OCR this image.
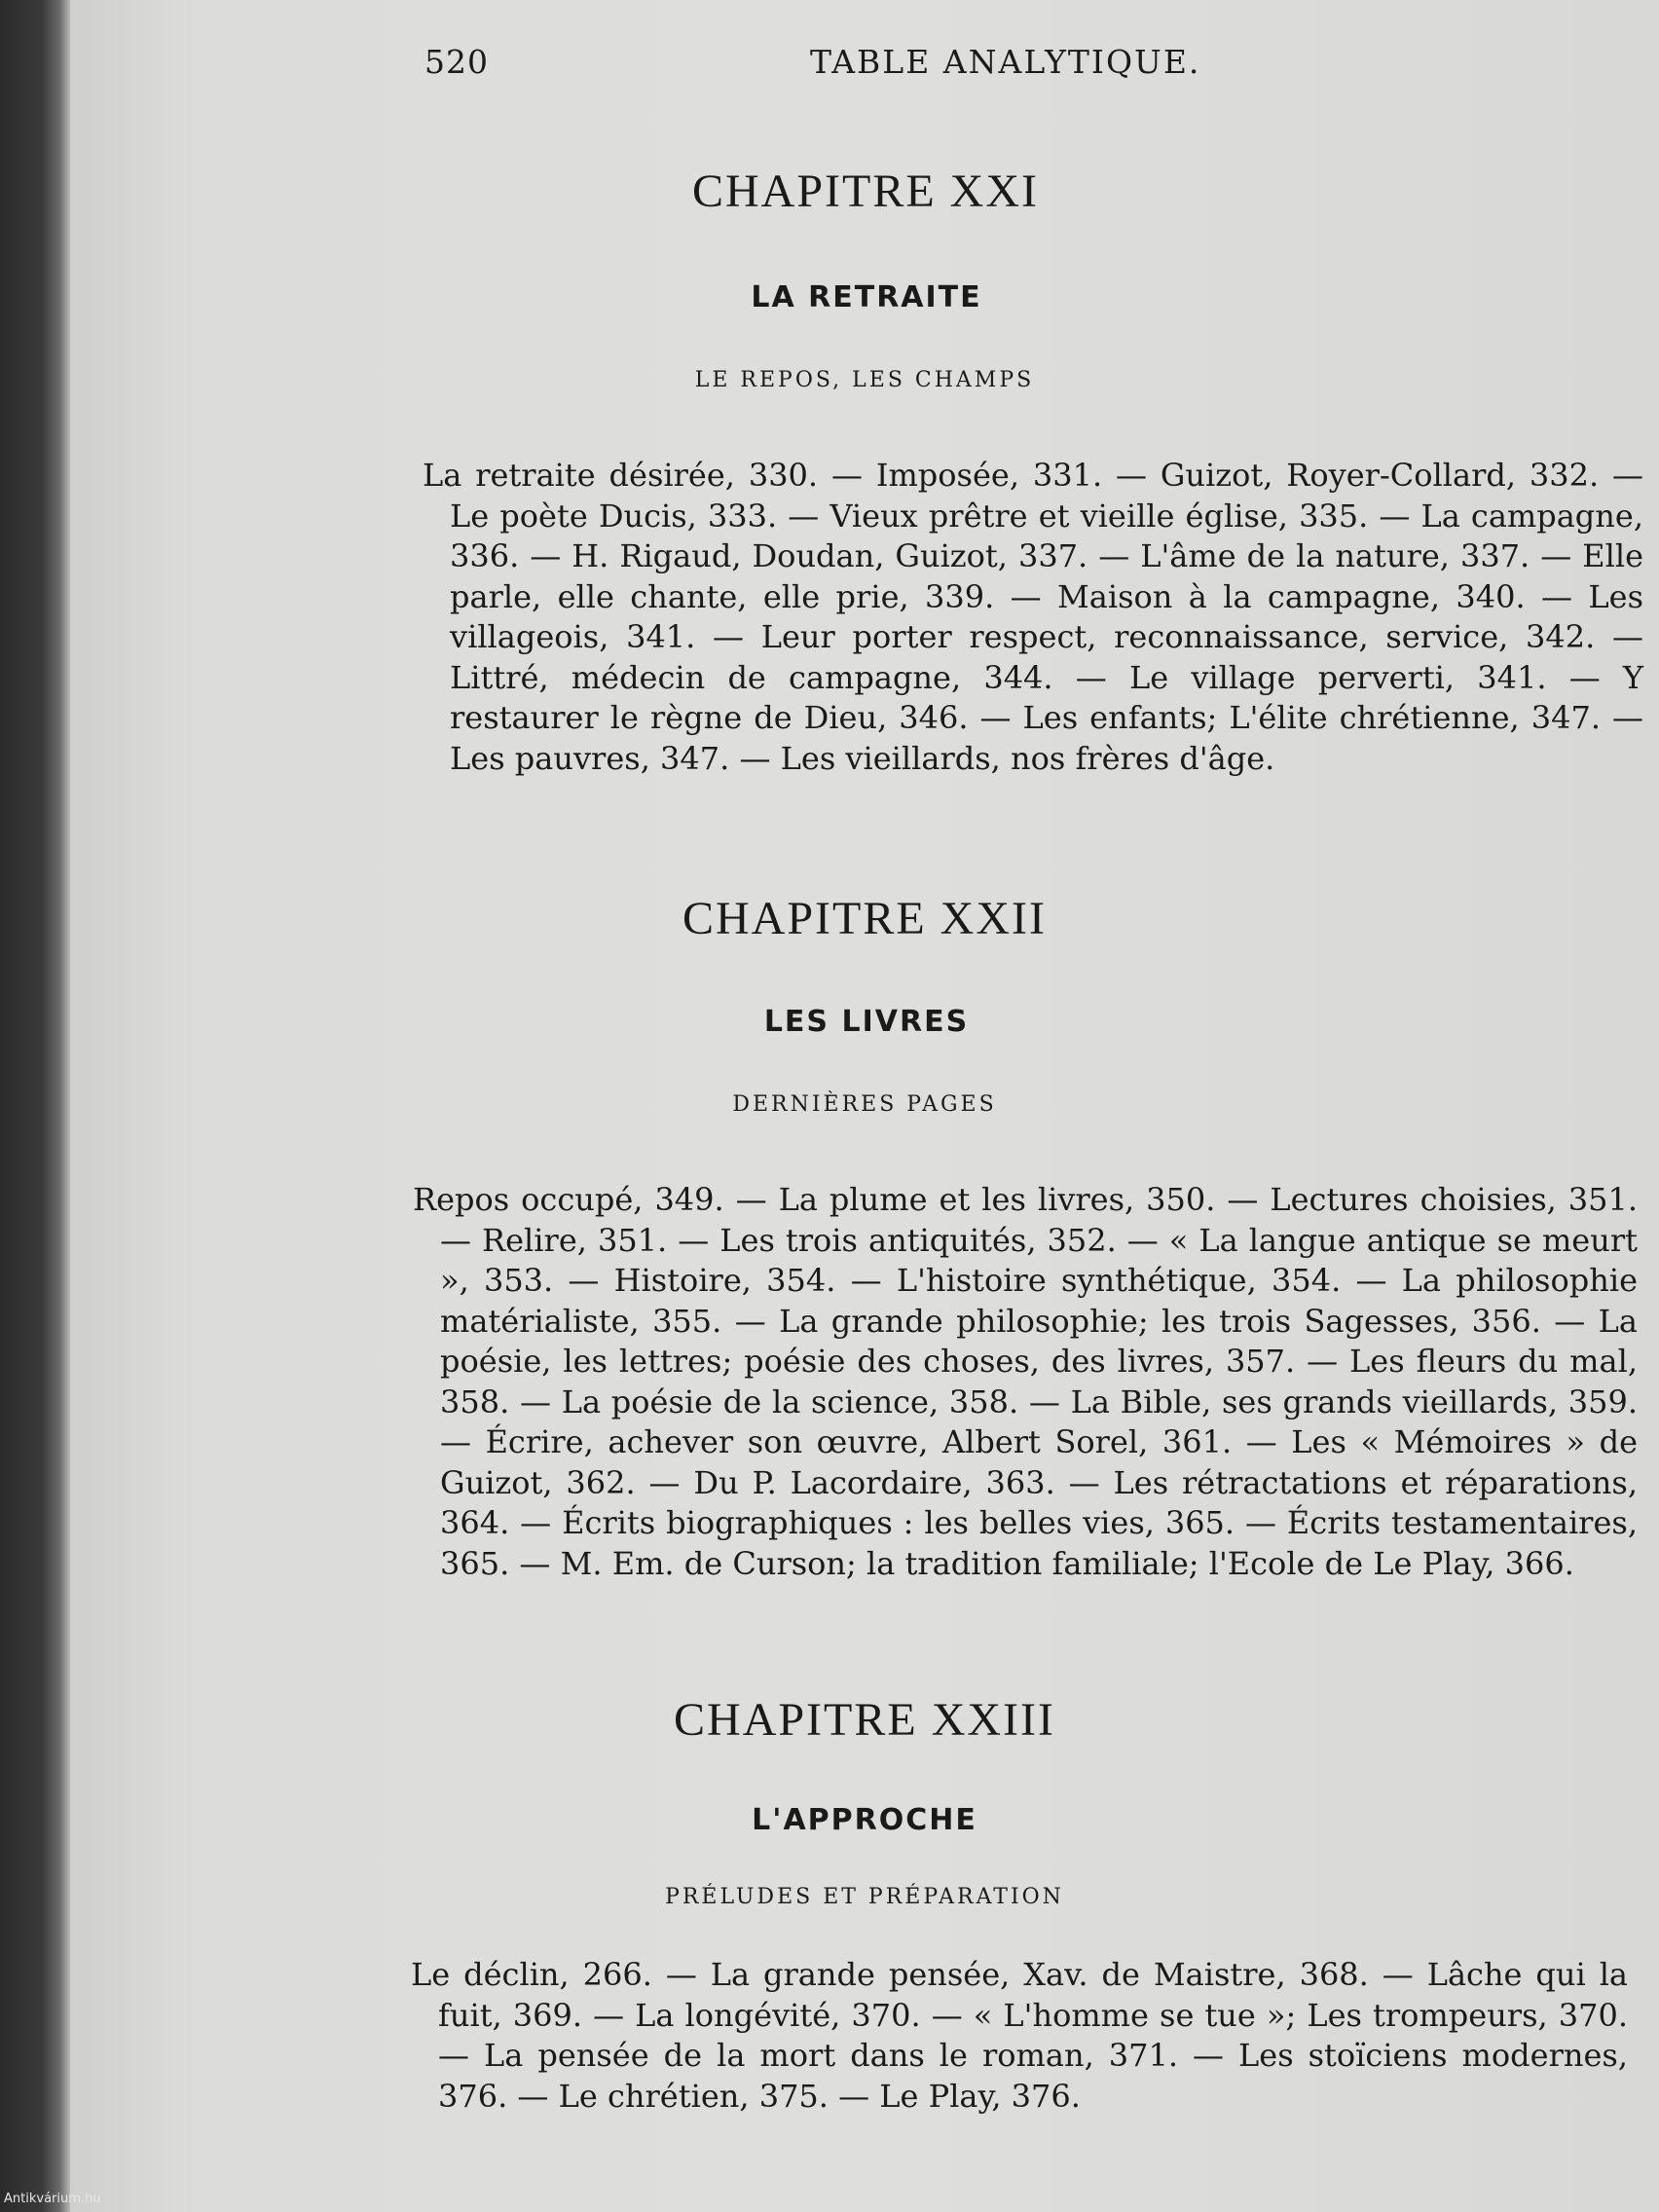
520	TABLE ANALYTIQUE.
CHAPITRE XXI
LA RETRAITE
LE REPOS, LES CHAMPS

La retraite désirée, 330. — Imposée, 331. — Guizot, Royer-Collard, 332. — Le poète Ducis, 333. — Vieux prêtre et vieille église, 335. — La campagne, 336. — H. Rigaud, Doudan, Guizot, 337. — L'âme de la nature, 337. — Elle parle, elle chante, elle prie, 339. — Maison à la campagne, 340. — Les villageois, 341. — Leur porter respect, reconnaissance, service, 342. — Littré, médecin de campagne, 344. — Le village perverti, 341. — Y restaurer le règne de Dieu, 346. — Les enfants; L'élite chrétienne, 347. — Les pauvres, 347. — Les vieillards, nos frères d'âge.

CHAPITRE XXII
LES LIVRES
DERNIÈRES PAGES

Repos occupé, 349. — La plume et les livres, 350. — Lectures choisies, 351. — Relire, 351. — Les trois antiquités, 352. — « La langue antique se meurt », 353. — Histoire, 354. — L'histoire synthétique, 354. — La philosophie matérialiste, 355. — La grande philosophie; les trois Sagesses, 356. — La poésie, les lettres; poésie des choses, des livres, 357. — Les fleurs du mal, 358. — La poésie de la science, 358. — La Bible, ses grands vieillards, 359. — Écrire, achever son œuvre, Albert Sorel, 361. — Les « Mémoires » de Guizot, 362. — Du P. Lacordaire, 363. — Les rétractations et réparations, 364. — Écrits biographiques : les belles vies, 365. — Écrits testamentaires, 365. — M. Em. de Curson; la tradition familiale; l'Ecole de Le Play, 366.

CHAPITRE XXIII
L'APPROCHE
PRÉLUDES ET PRÉPARATION

Le déclin, 266. — La grande pensée, Xav. de Maistre, 368. — Lâche qui la fuit, 369. — La longévité, 370. — « L'homme se tue »; Les trompeurs, 370. — La pensée de la mort dans le roman, 371. — Les stoïciens modernes, 376. — Le chrétien, 375. — Le Play, 376.

Antikvárium.hu
